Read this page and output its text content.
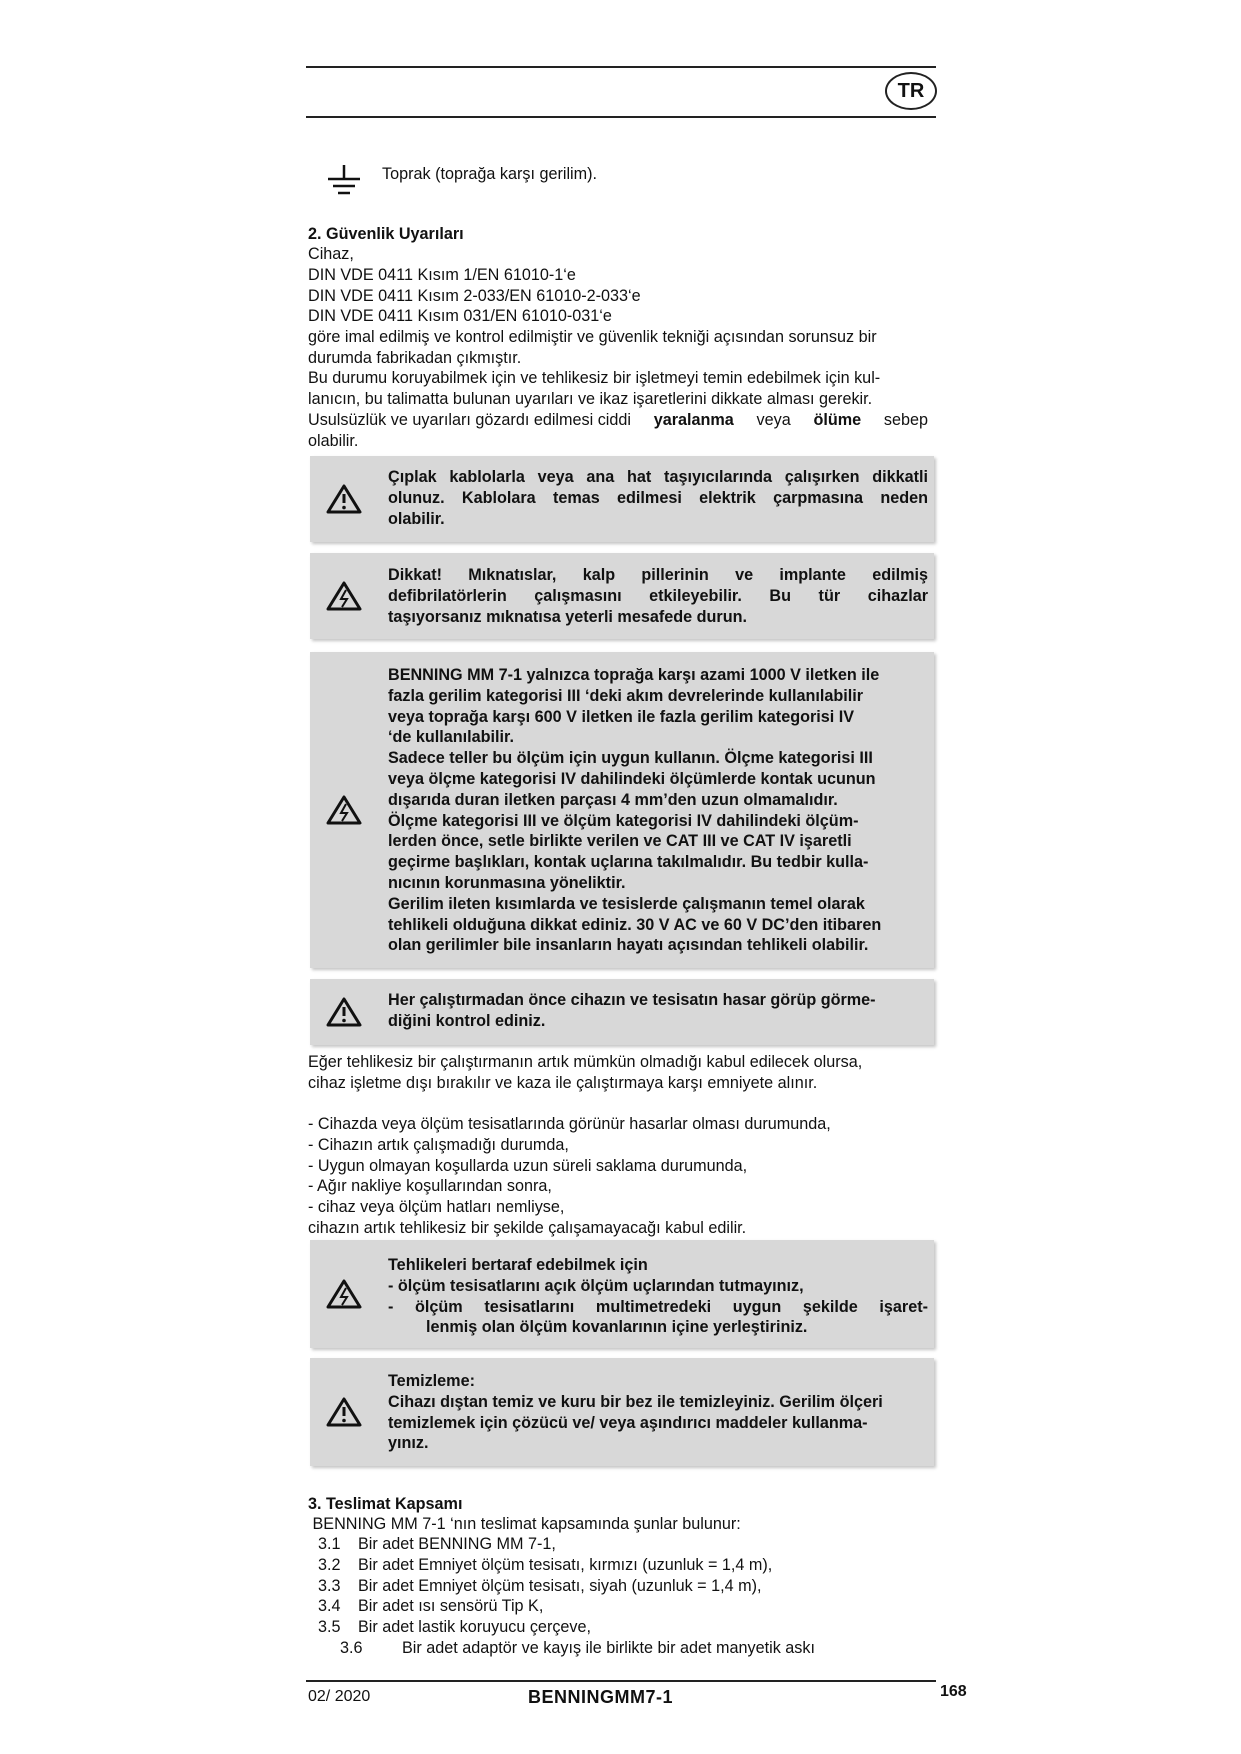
TR
Toprak (toprağa karşı gerilim).
2. Güvenlik Uyarıları
Cihaz,
DIN VDE 0411 Kısım 1/EN 61010-1‘e
DIN VDE 0411 Kısım 2-033/EN 61010-2-033‘e
DIN VDE 0411 Kısım 031/EN 61010-031‘e
göre imal edilmiş ve kontrol edilmiştir ve güvenlik tekniği açısından sorunsuz bir durumda fabrikadan çıkmıştır.
Bu durumu koruyabilmek için ve tehlikesiz bir işletmeyi temin edebilmek için kul-
lanıcın, bu talimatta bulunan uyarıları ve ikaz işaretlerini dikkate alması gerekir.
Usulsüzlük ve uyarıları gözardı edilmesi ciddi yaralanma veya ölüme sebep
olabilir.
Çıplak kablolarla veya ana hat taşıyıcılarında çalışırken dikkatli
olunuz. Kablolara temas edilmesi elektrik çarpmasına neden
olabilir.
Dikkat! Mıknatıslar, kalp pillerinin ve implante edilmiş
defibrilatörlerin çalışmasını etkileyebilir. Bu tür cihazlar
taşıyorsanız mıknatısa yeterli mesafede durun.
BENNING MM 7-1 yalnızca toprağa karşı azami 1000 V iletken ile
fazla gerilim kategorisi III ‘deki akım devrelerinde kullanılabilir
veya toprağa karşı 600 V iletken ile fazla gerilim kategorisi IV
‘de kullanılabilir.
Sadece teller bu ölçüm için uygun kullanın. Ölçme kategorisi III
veya ölçme kategorisi IV dahilindeki ölçümlerde kontak ucunun
dışarıda duran iletken parçası 4 mm’den uzun olmamalıdır.
Ölçme kategorisi III ve ölçüm kategorisi IV dahilindeki ölçüm-
lerden önce, setle birlikte verilen ve CAT III ve CAT IV işaretli
geçirme başlıkları, kontak uçlarına takılmalıdır. Bu tedbir kulla-
nıcının korunmasına yöneliktir.
Gerilim ileten kısımlarda ve tesislerde çalışmanın temel olarak
tehlikeli olduğuna dikkat ediniz. 30 V AC ve 60 V DC’den itibaren
olan gerilimler bile insanların hayatı açısından tehlikeli olabilir.
Her çalıştırmadan önce cihazın ve tesisatın hasar görüp görme-
diğini kontrol ediniz.
Eğer tehlikesiz bir çalıştırmanın artık mümkün olmadığı kabul edilecek olursa,
cihaz işletme dışı bırakılır ve kaza ile çalıştırmaya karşı emniyete alınır.
- Cihazda veya ölçüm tesisatlarında görünür hasarlar olması durumunda,
- Cihazın artık çalışmadığı durumda,
- Uygun olmayan koşullarda uzun süreli saklama durumunda,
- Ağır nakliye koşullarından sonra,
- cihaz veya ölçüm hatları nemliyse,
cihazın artık tehlikesiz bir şekilde çalışamayacağı kabul edilir.
Tehlikeleri bertaraf edebilmek için
- ölçüm tesisatlarını açık ölçüm uçlarından tutmayınız,
- ölçüm tesisatlarını multimetredeki uygun şekilde işaret-
lenmiş olan ölçüm kovanlarının içine yerleştiriniz.
Temizleme:
Cihazı dıştan temiz ve kuru bir bez ile temizleyiniz. Gerilim ölçeri
temizlemek için çözücü ve/ veya aşındırıcı maddeler kullanma-
yınız.
3. Teslimat Kapsamı
BENNING MM 7-1 ‘nın teslimat kapsamında şunlar bulunur:
3.1 Bir adet BENNING MM 7-1,
3.2 Bir adet Emniyet ölçüm tesisatı, kırmızı (uzunluk = 1,4 m),
3.3 Bir adet Emniyet ölçüm tesisatı, siyah (uzunluk = 1,4 m),
3.4 Bir adet ısı sensörü Tip K,
3.5 Bir adet lastik koruyucu çerçeve,
3.6 Bir adet adaptör ve kayış ile birlikte bir adet manyetik askı
02/ 2020	BENNINGMM7-1	168
